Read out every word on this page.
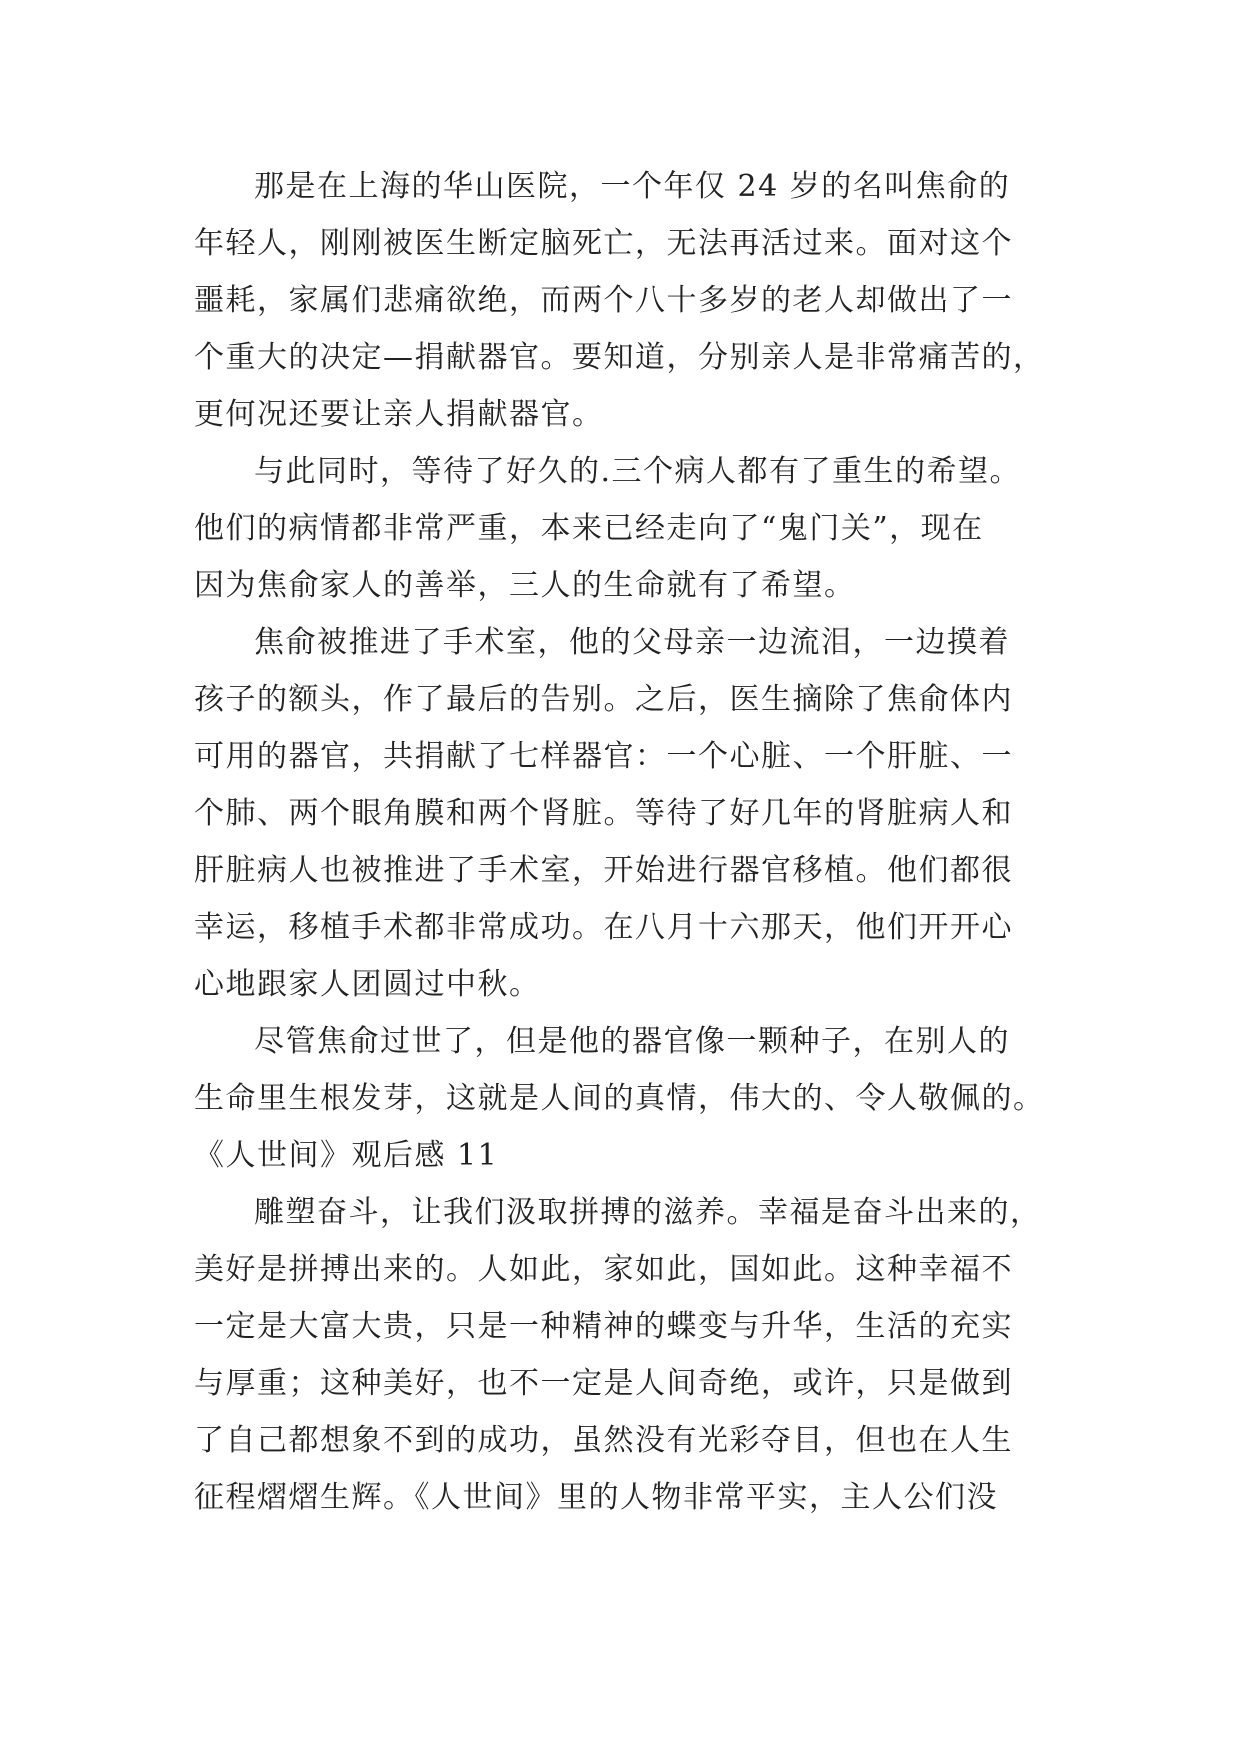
那是在上海的华山医院，一个年仅 24 岁的名叫焦俞的
年轻人，刚刚被医生断定脑死亡，无法再活过来。面对这个
噩耗，家属们悲痛欲绝，而两个八十多岁的老人却做出了一
个重大的决定—捐献器官。要知道，分别亲人是非常痛苦的，
更何况还要让亲人捐献器官。
与此同时，等待了好久的.三个病人都有了重生的希望。
他们的病情都非常严重，本来已经走向了“鬼门关”，现在
因为焦俞家人的善举，三人的生命就有了希望。
焦俞被推进了手术室，他的父母亲一边流泪，一边摸着
孩子的额头，作了最后的告别。之后，医生摘除了焦俞体内
可用的器官，共捐献了七样器官：一个心脏、一个肝脏、一
个肺、两个眼角膜和两个肾脏。等待了好几年的肾脏病人和
肝脏病人也被推进了手术室，开始进行器官移植。他们都很
幸运，移植手术都非常成功。在八月十六那天，他们开开心
心地跟家人团圆过中秋。
尽管焦俞过世了，但是他的器官像一颗种子，在别人的
生命里生根发芽，这就是人间的真情，伟大的、令人敬佩的。
《人世间》观后感 11
雕塑奋斗，让我们汲取拼搏的滋养。幸福是奋斗出来的，
美好是拼搏出来的。人如此，家如此，国如此。这种幸福不
一定是大富大贵，只是一种精神的蝶变与升华，生活的充实
与厚重；这种美好，也不一定是人间奇绝，或许，只是做到
了自己都想象不到的成功，虽然没有光彩夺目，但也在人生
征程熠熠生辉。《人世间》里的人物非常平实，主人公们没
